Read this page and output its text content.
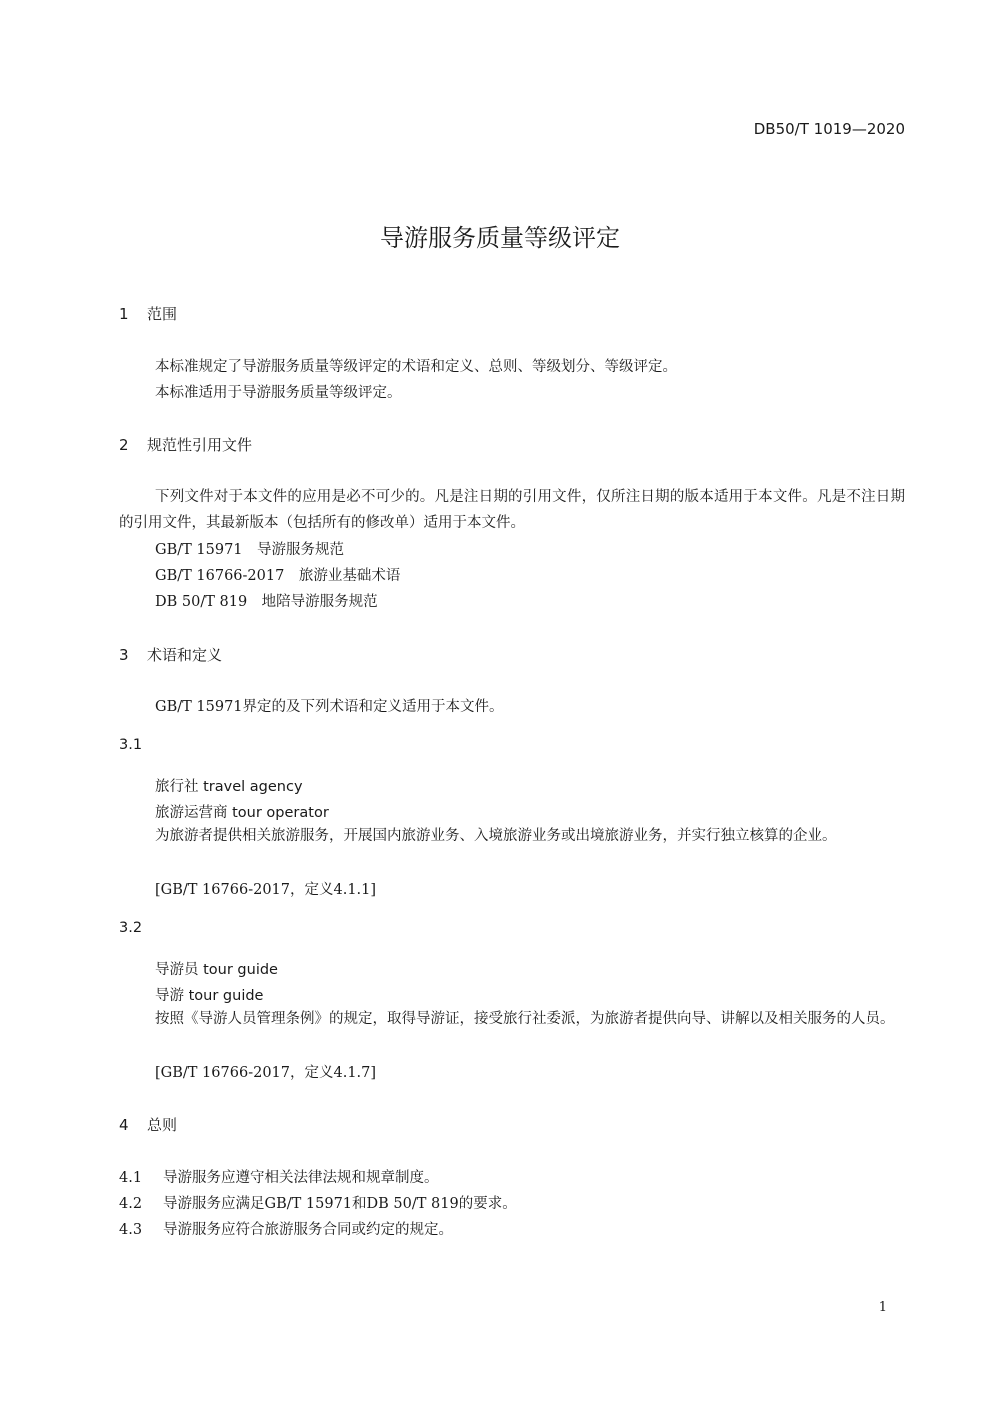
DB50/T 1019—2020
导游服务质量等级评定
1 范围
本标准规定了导游服务质量等级评定的术语和定义、总则、等级划分、等级评定。
本标准适用于导游服务质量等级评定。
2 规范性引用文件
下列文件对于本文件的应用是必不可少的。凡是注日期的引用文件，仅所注日期的版本适用于本文件。凡是不注日期的引用文件，其最新版本（包括所有的修改单）适用于本文件。
GB/T 15971　导游服务规范
GB/T 16766-2017　旅游业基础术语
DB 50/T 819　地陪导游服务规范
3 术语和定义
GB/T 15971界定的及下列术语和定义适用于本文件。
3.1
旅行社 travel agency
旅游运营商 tour operator
为旅游者提供相关旅游服务，开展国内旅游业务、入境旅游业务或出境旅游业务，并实行独立核算的企业。
[GB/T 16766-2017，定义4.1.1]
3.2
导游员 tour guide
导游 tour guide
按照《导游人员管理条例》的规定，取得导游证，接受旅行社委派，为旅游者提供向导、讲解以及相关服务的人员。
[GB/T 16766-2017，定义4.1.7]
4 总则
4.1 导游服务应遵守相关法律法规和规章制度。
4.2 导游服务应满足GB/T 15971和DB 50/T 819的要求。
4.3 导游服务应符合旅游服务合同或约定的规定。
1
